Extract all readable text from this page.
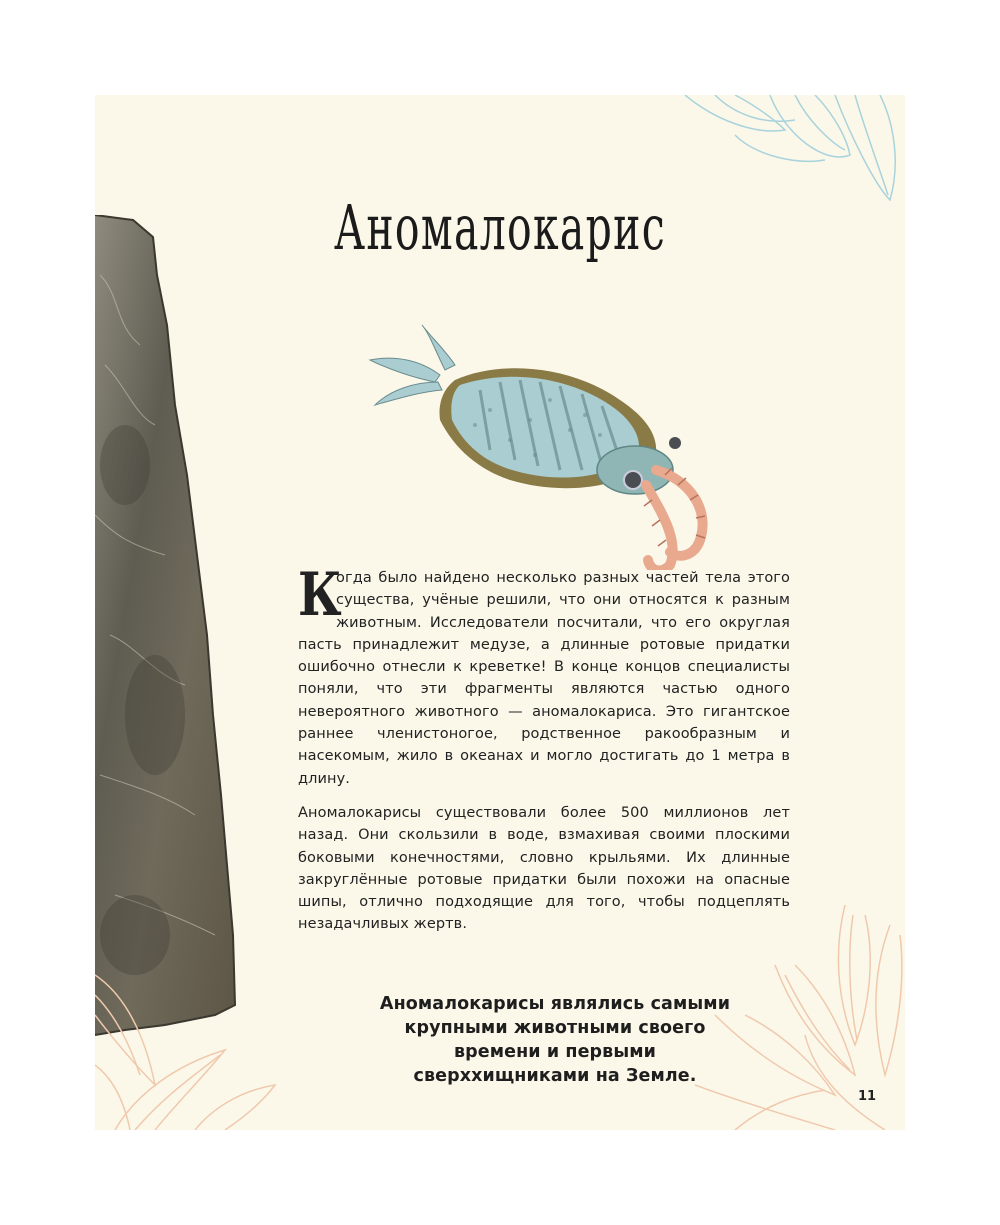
Аномалокарис

К
огда было найдено несколько разных частей тела этого существа, учёные решили, что они относятся к разным животным. Исследователи посчитали, что его округлая пасть принадлежит медузе, а длинные ротовые придатки ошибочно отнесли к креветке! В конце концов специалисты поняли, что эти фрагменты являются частью одного невероятного животного — аномалокариса. Это гигантское раннее членистоногое, родственное ракообразным и насекомым, жило в океанах и могло достигать до 1 метра в длину.

Аномалокарисы существовали более 500 миллионов лет назад. Они скользили в воде, взмахивая своими плоскими боковыми конечностями, словно крыльями. Их длинные закруглённые ротовые придатки были похожи на опасные шипы, отлично подходящие для того, чтобы подцеплять незадачливых жертв.

Аномалокарисы являлись самыми
крупными животными своего
времени и первыми
сверххищниками на Земле.
11
